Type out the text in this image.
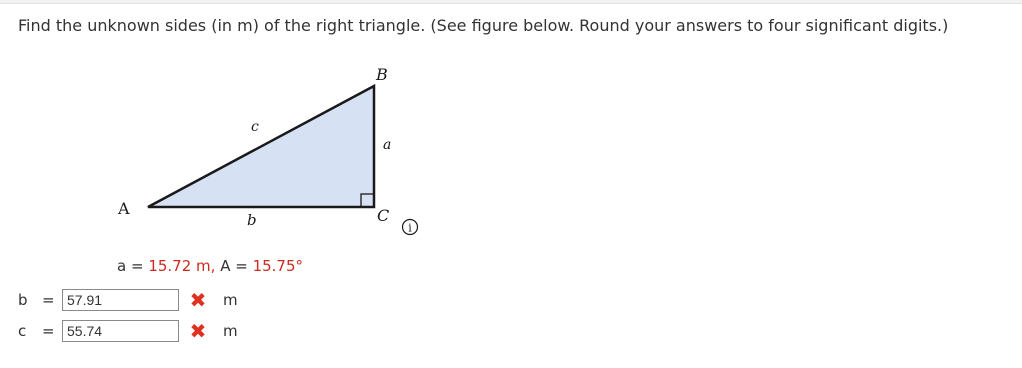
Find the unknown sides (in m) of the right triangle. (See figure below. Round your answers to four significant digits.)
A
B
C
c
a
b	i
a = 15.72 m, A = 15.75°
b =
57.91	✖ m
c	=
55.74	✖ m
